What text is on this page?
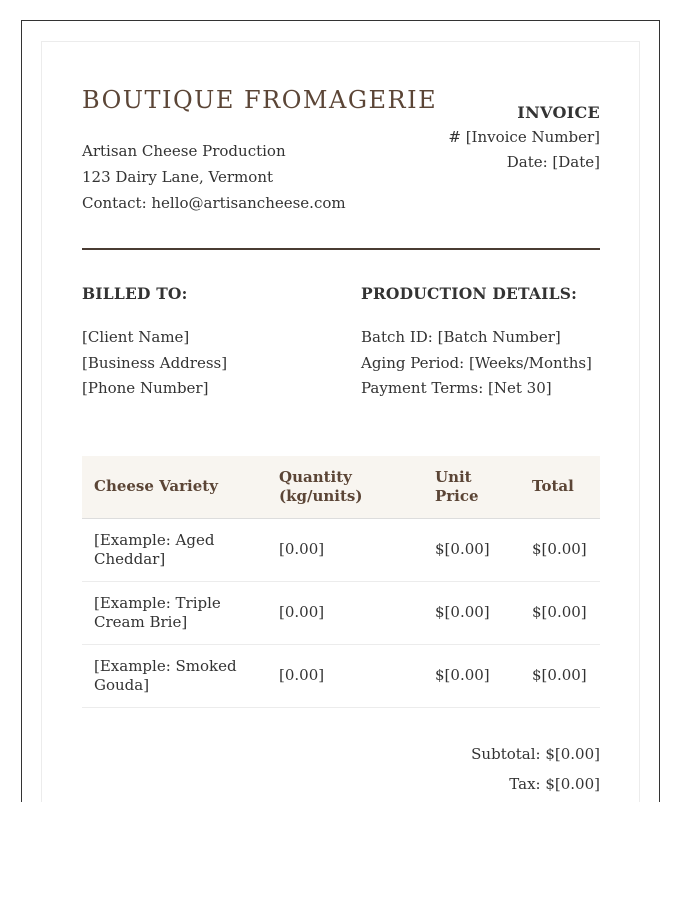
BOUTIQUE FROMAGERIE
Artisan Cheese Production
123 Dairy Lane, Vermont
Contact: hello@artisancheese.com
INVOICE
# [Invoice Number]
Date: [Date]
BILLED TO:
[Client Name]
[Business Address]
[Phone Number]
PRODUCTION DETAILS:
Batch ID: [Batch Number]
Aging Period: [Weeks/Months]
Payment Terms: [Net 30]
Cheese Variety	Quantity (kg/units)	Unit Price	Total
[Example: Aged Cheddar]	[0.00]	$[0.00]	$[0.00]
[Example: Triple Cream Brie]	[0.00]	$[0.00]	$[0.00]
[Example: Smoked Gouda]	[0.00]	$[0.00]	$[0.00]
Subtotal: $[0.00]
Tax: $[0.00]
